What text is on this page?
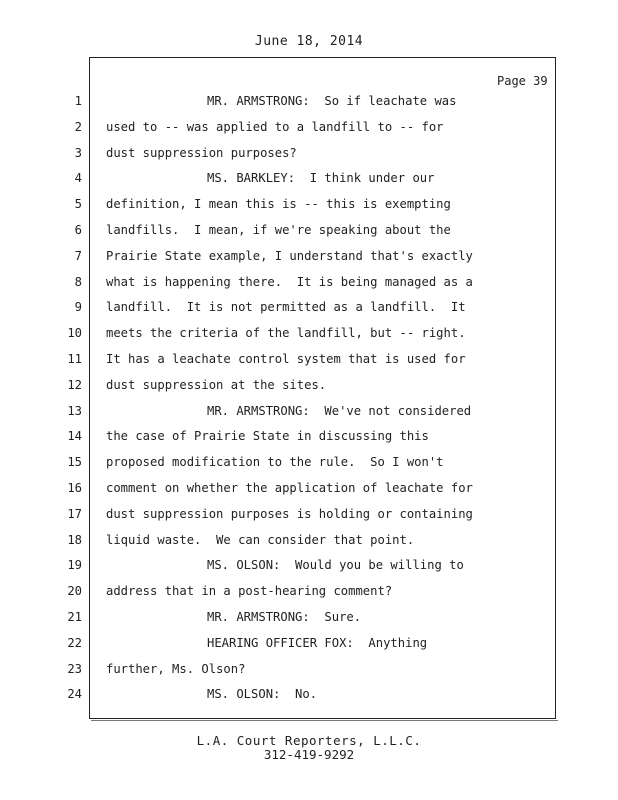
June 18, 2014
Page 39
1	MR. ARMSTRONG:  So if leachate was
2 used to -- was applied to a landfill to -- for
3 dust suppression purposes?
4	MS. BARKLEY:  I think under our
5 definition, I mean this is -- this is exempting
6 landfills.  I mean, if we're speaking about the
7 Prairie State example, I understand that's exactly
8 what is happening there.  It is being managed as a
9 landfill.  It is not permitted as a landfill.  It
10 meets the criteria of the landfill, but -- right.
11 It has a leachate control system that is used for
12 dust suppression at the sites.
13	MR. ARMSTRONG:  We've not considered
14 the case of Prairie State in discussing this
15 proposed modification to the rule.  So I won't
16 comment on whether the application of leachate for
17 dust suppression purposes is holding or containing
18 liquid waste.  We can consider that point.
19	MS. OLSON:  Would you be willing to
20 address that in a post-hearing comment?
21	MR. ARMSTRONG:  Sure.
22	HEARING OFFICER FOX:  Anything
23 further, Ms. Olson?
24	MS. OLSON:  No.
L.A. Court Reporters, L.L.C.
312-419-9292
